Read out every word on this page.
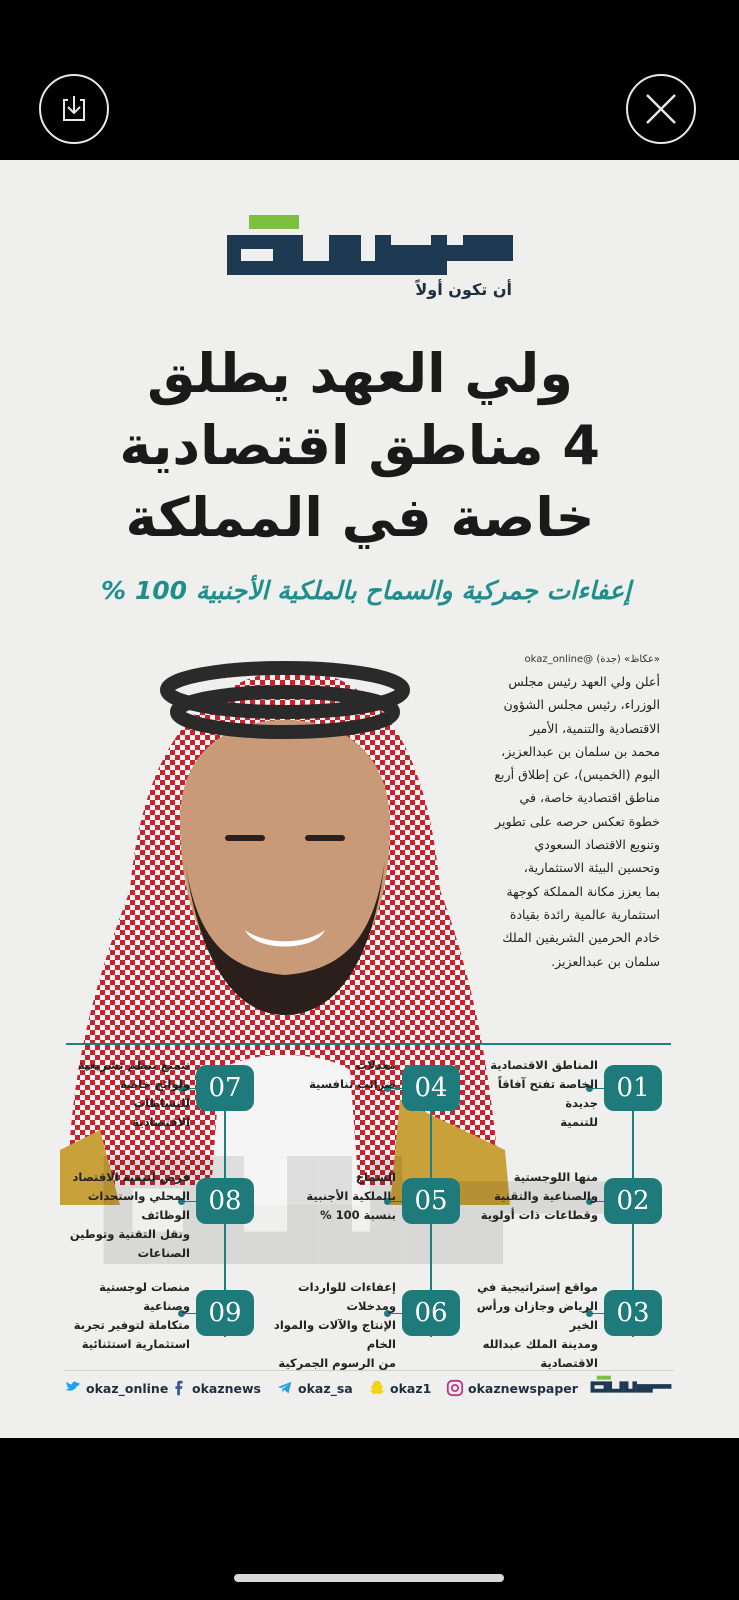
أن تكون أولاً
ولي العهد يطلق
4 مناطق اقتصادية
خاصة في المملكة
إعفاءات جمركية والسماح بالملكية الأجنبية 100 %
«عكاظ» (جدة) @okaz_online
أعلن ولي العهد رئيس مجلس
الوزراء، رئيس مجلس الشؤون
الاقتصادية والتنمية، الأمير
محمد بن سلمان بن عبدالعزيز،
اليوم (الخميس)، عن إطلاق أربع
مناطق اقتصادية خاصة، في
خطوة تعكس حرصه على تطوير
وتنويع الاقتصاد السعودي
وتحسين البيئة الاستثمارية،
بما يعزز مكانة المملكة كوجهة
استثمارية عالمية رائدة بقيادة
خادم الحرمين الشريفين الملك
سلمان بن عبدالعزيز.
01
المناطق الاقتصادية
الخاصة تفتح آفاقاً جديدة
للتنمية
02
منها اللوجستية
والصناعية والتقنية
وقطاعات ذات أولوية
03
مواقع إستراتيجية في
الرياض وجازان ورأس الخير
ومدينة الملك عبدالله
الاقتصادية
04
معدلات
ضرائب تنافسية
05
السماح
بالملكية الأجنبية
بنسبة 100 %
06
إعفاءات للواردات ومدخلات
الإنتاج والآلات والمواد الخام
من الرسوم الجمركية
07
تتمتع بنظم تشريعية
ولوائح خاصة للنشاطات
الاقتصادية
08
فرص لتنمية الاقتصاد
المحلي واستحداث الوظائف
ونقل التقنية وتوطين
الصناعات
09
منصات لوجستية وصناعية
متكاملة لتوفير تجربة
استثمارية استثنائية
okaz_online okaznews	okaz_sa	okaz1	okaznewspaper
